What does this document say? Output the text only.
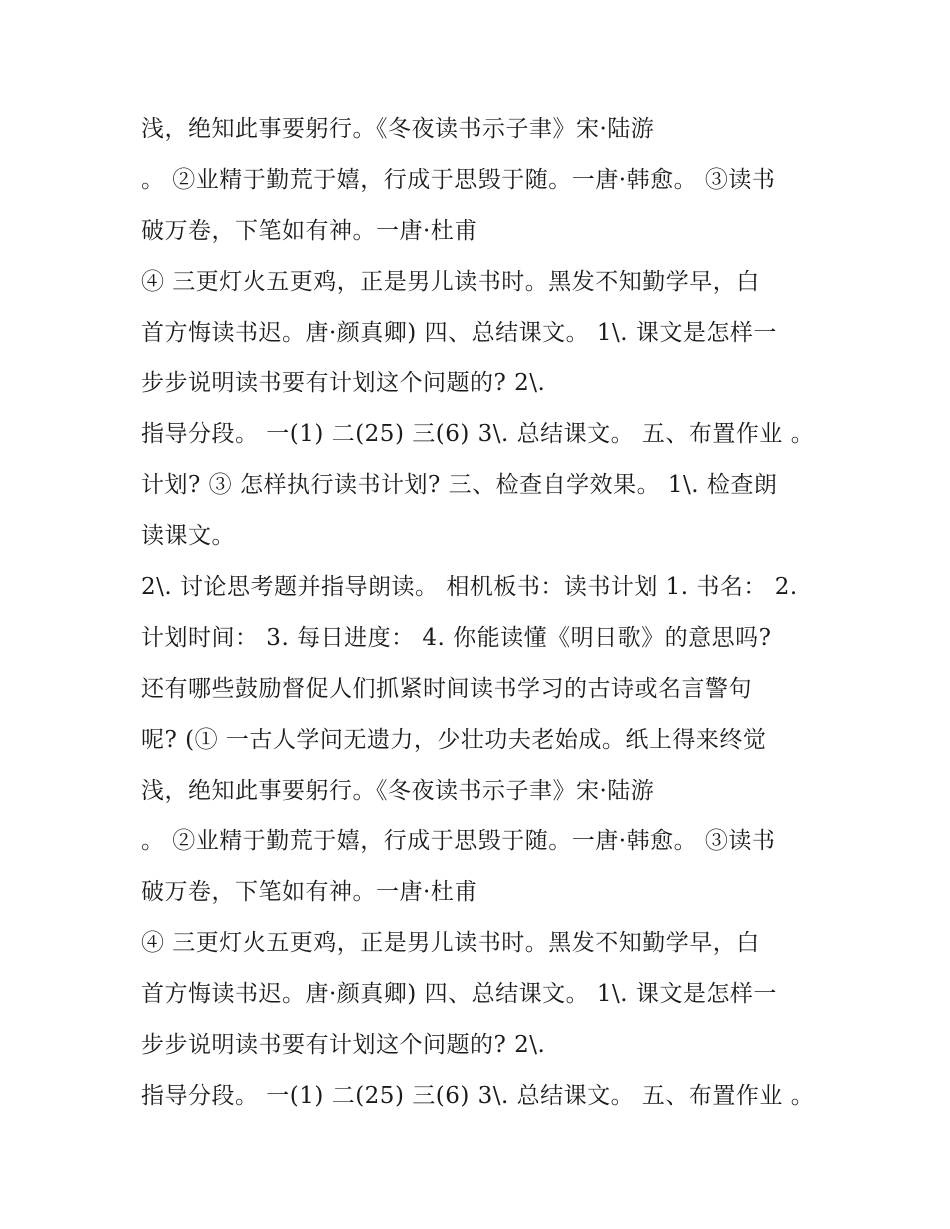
浅，绝知此事要躬行。《冬夜读书示子聿》宋·陆游
。 ②业精于勤荒于嬉，行成于思毁于随。一唐·韩愈。 ③读书
破万卷，下笔如有神。一唐·杜甫
④ 三更灯火五更鸡，正是男儿读书时。黑发不知勤学早，白
首方悔读书迟。唐·颜真卿) 四、总结课文。 1\. 课文是怎样一
步步说明读书要有计划这个问题的? 2\.
指导分段。 一(1) 二(25) 三(6) 3\. 总结课文。 五、布置作业 。
计划? ③ 怎样执行读书计划? 三、检查自学效果。 1\. 检查朗
读课文。
2\. 讨论思考题并指导朗读。 相机板书：读书计划 1. 书名： 2.
计划时间： 3. 每日进度： 4. 你能读懂《明日歌》的意思吗?
还有哪些鼓励督促人们抓紧时间读书学习的古诗或名言警句
呢? (① 一古人学问无遗力，少壮功夫老始成。纸上得来终觉
浅，绝知此事要躬行。《冬夜读书示子聿》宋·陆游
。 ②业精于勤荒于嬉，行成于思毁于随。一唐·韩愈。 ③读书
破万卷，下笔如有神。一唐·杜甫
④ 三更灯火五更鸡，正是男儿读书时。黑发不知勤学早，白
首方悔读书迟。唐·颜真卿) 四、总结课文。 1\. 课文是怎样一
步步说明读书要有计划这个问题的? 2\.
指导分段。 一(1) 二(25) 三(6) 3\. 总结课文。 五、布置作业 。
